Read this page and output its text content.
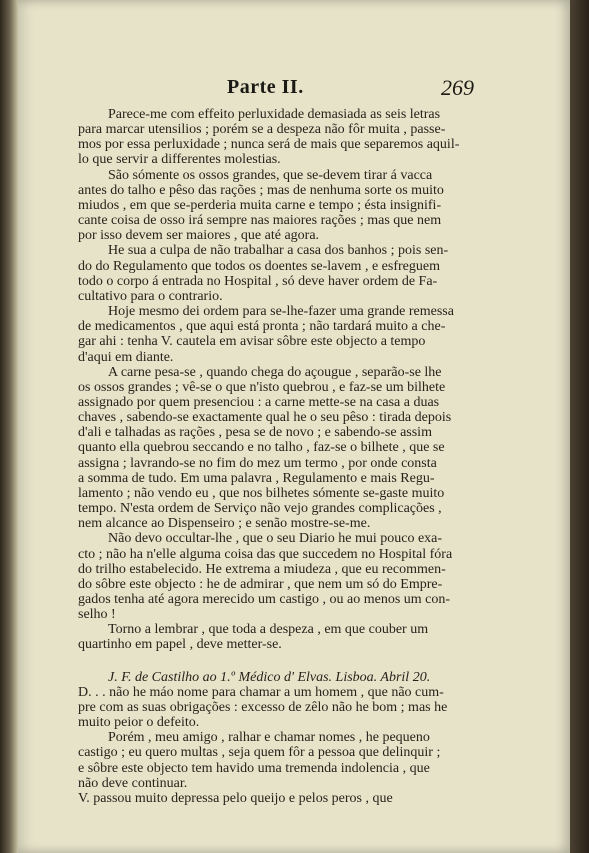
Parte II.	269
Parece-me com effeito perluxidade demasiada as seis letras
para marcar utensilios ; porém se a despeza não fôr muita , passe-
mos por essa perluxidade ; nunca será de mais que separemos aquil-
lo que servir a differentes molestias.
São sómente os ossos grandes, que se-devem tirar á vacca
antes do talho e pêso das rações ; mas de nenhuma sorte os muito
miudos , em que se-perderia muita carne e tempo ; ésta insignifi-
cante coisa de osso irá sempre nas maiores rações ; mas que nem
por isso devem ser maiores , que até agora.
He sua a culpa de não trabalhar a casa dos banhos ; pois sen-
do do Regulamento que todos os doentes se-lavem , e esfreguem
todo o corpo á entrada no Hospital , só deve haver ordem de Fa-
cultativo para o contrario.
Hoje mesmo dei ordem para se-lhe-fazer uma grande remessa
de medicamentos , que aqui está pronta ; não tardará muito a che-
gar ahi : tenha V. cautela em avisar sôbre este objecto a tempo
d'aqui em diante.
A carne pesa-se , quando chega do açougue , separão-se lhe
os ossos grandes ; vê-se o que n'isto quebrou , e faz-se um bilhete
assignado por quem presenciou : a carne mette-se na casa a duas
chaves , sabendo-se exactamente qual he o seu pêso : tirada depois
d'ali e talhadas as rações , pesa se de novo ; e sabendo-se assim
quanto ella quebrou seccando e no talho , faz-se o bilhete , que se
assigna ; lavrando-se no fim do mez um termo , por onde consta
a somma de tudo. Em uma palavra , Regulamento e mais Regu-
lamento ; não vendo eu , que nos bilhetes sómente se-gaste muito
tempo. N'esta ordem de Serviço não vejo grandes complicações ,
nem alcance ao Dispenseiro ; e senão mostre-se-me.
Não devo occultar-lhe , que o seu Diario he mui pouco exa-
cto ; não ha n'elle alguma coisa das que succedem no Hospital fóra
do trilho estabelecido. He extrema a miudeza , que eu recommen-
do sôbre este objecto : he de admirar , que nem um só do Empre-
gados tenha até agora merecido um castigo , ou ao menos um con-
selho !
Torno a lembrar , que toda a despeza , em que couber um
quartinho em papel , deve metter-se.
J. F. de Castilho ao 1.º Médico d' Elvas. Lisboa. Abril 20.
D. . . não he máo nome para chamar a um homem , que não cum-
pre com as suas obrigações : excesso de zêlo não he bom ; mas he
muito peior o defeito.
Porém , meu amigo , ralhar e chamar nomes , he pequeno
castigo ; eu quero multas , seja quem fôr a pessoa que delinquir ;
e sôbre este objecto tem havido uma tremenda indolencia , que
não deve continuar.
V. passou muito depressa pelo queijo e pelos peros , que
